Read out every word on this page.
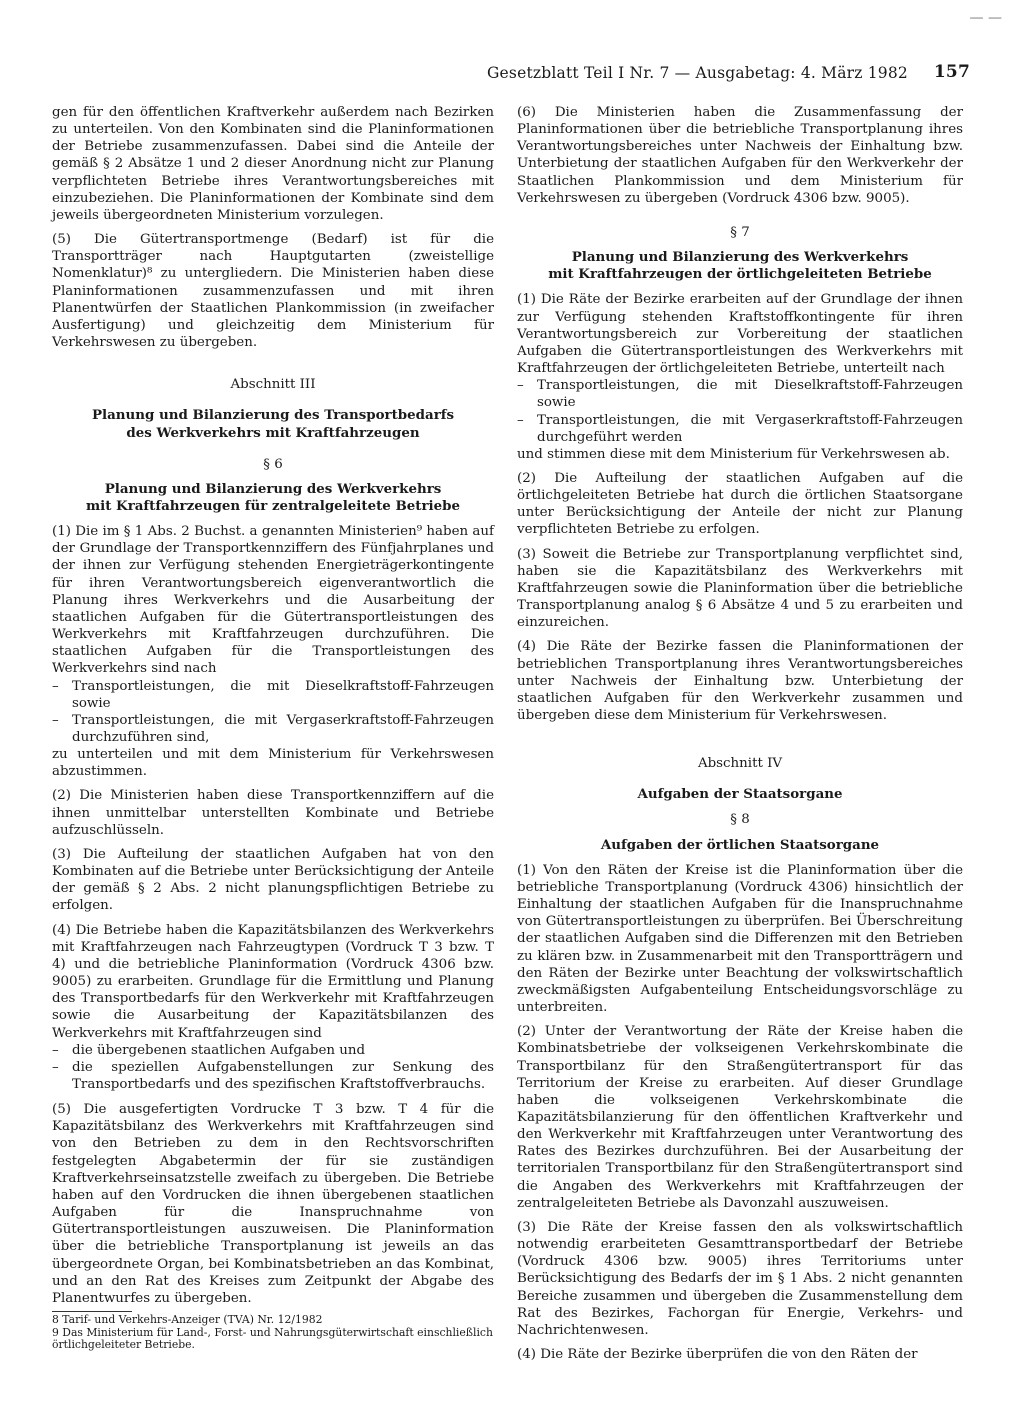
— —
Gesetzblatt Teil I Nr. 7 — Ausgabetag: 4. März 1982 157

gen für den öffentlichen Kraftverkehr außerdem nach Bezirken zu unterteilen. Von den Kombinaten sind die Planinformationen der Betriebe zusammenzufassen. Dabei sind die Anteile der gemäß § 2 Absätze 1 und 2 dieser Anordnung nicht zur Planung verpflichteten Betriebe ihres Verantwortungsbereiches mit einzubeziehen. Die Planinformationen der Kombinate sind dem jeweils übergeordneten Ministerium vorzulegen.

(5) Die Gütertransportmenge (Bedarf) ist für die Transportträger nach Hauptgutarten (zweistellige Nomenklatur)⁸ zu untergliedern. Die Ministerien haben diese Planinformationen zusammenzufassen und mit ihren Planentwürfen der Staatlichen Plankommission (in zweifacher Ausfertigung) und gleichzeitig dem Ministerium für Verkehrswesen zu übergeben.

Abschnitt III

Planung und Bilanzierung des Transportbedarfs

des Werkverkehrs mit Kraftfahrzeugen

§ 6

Planung und Bilanzierung des Werkverkehrs

mit Kraftfahrzeugen für zentralgeleitete Betriebe

(1) Die im § 1 Abs. 2 Buchst. a genannten Ministerien⁹ haben auf der Grundlage der Transportkennziffern des Fünfjahrplanes und der ihnen zur Verfügung stehenden Energieträgerkontingente für ihren Verantwortungsbereich eigenverantwortlich die Planung ihres Werkverkehrs und die Ausarbeitung der staatlichen Aufgaben für die Gütertransportleistungen des Werkverkehrs mit Kraftfahrzeugen durchzuführen. Die staatlichen Aufgaben für die Transportleistungen des Werkverkehrs sind nach

– Transportleistungen, die mit Dieselkraftstoff-Fahrzeugen sowie

– Transportleistungen, die mit Vergaserkraftstoff-Fahrzeugen durchzuführen sind,

zu unterteilen und mit dem Ministerium für Verkehrswesen abzustimmen.

(2) Die Ministerien haben diese Transportkennziffern auf die ihnen unmittelbar unterstellten Kombinate und Betriebe aufzuschlüsseln.

(3) Die Aufteilung der staatlichen Aufgaben hat von den Kombinaten auf die Betriebe unter Berücksichtigung der Anteile der gemäß § 2 Abs. 2 nicht planungspflichtigen Betriebe zu erfolgen.

(4) Die Betriebe haben die Kapazitätsbilanzen des Werkverkehrs mit Kraftfahrzeugen nach Fahrzeugtypen (Vordruck T 3 bzw. T 4) und die betriebliche Planinformation (Vordruck 4306 bzw. 9005) zu erarbeiten. Grundlage für die Ermittlung und Planung des Transportbedarfs für den Werkverkehr mit Kraftfahrzeugen sowie die Ausarbeitung der Kapazitätsbilanzen des Werkverkehrs mit Kraftfahrzeugen sind

– die übergebenen staatlichen Aufgaben und

– die speziellen Aufgabenstellungen zur Senkung des Transportbedarfs und des spezifischen Kraftstoffverbrauchs.

(5) Die ausgefertigten Vordrucke T 3 bzw. T 4 für die Kapazitätsbilanz des Werkverkehrs mit Kraftfahrzeugen sind von den Betrieben zu dem in den Rechtsvorschriften festgelegten Abgabetermin der für sie zuständigen Kraftverkehrseinsatzstelle zweifach zu übergeben. Die Betriebe haben auf den Vordrucken die ihnen übergebenen staatlichen Aufgaben für die Inanspruchnahme von Gütertransportleistungen auszuweisen. Die Planinformation über die betriebliche Transportplanung ist jeweils an das übergeordnete Organ, bei Kombinatsbetrieben an das Kombinat, und an den Rat des Kreises zum Zeitpunkt der Abgabe des Planentwurfes zu übergeben.

8 Tarif- und Verkehrs-Anzeiger (TVA) Nr. 12/1982

9 Das Ministerium für Land-, Forst- und Nahrungsgüterwirtschaft einschließlich örtlichgeleiteter Betriebe.

(6) Die Ministerien haben die Zusammenfassung der Planinformationen über die betriebliche Transportplanung ihres Verantwortungsbereiches unter Nachweis der Einhaltung bzw. Unterbietung der staatlichen Aufgaben für den Werkverkehr der Staatlichen Plankommission und dem Ministerium für Verkehrswesen zu übergeben (Vordruck 4306 bzw. 9005).

§ 7

Planung und Bilanzierung des Werkverkehrs

mit Kraftfahrzeugen der örtlichgeleiteten Betriebe

(1) Die Räte der Bezirke erarbeiten auf der Grundlage der ihnen zur Verfügung stehenden Kraftstoffkontingente für ihren Verantwortungsbereich zur Vorbereitung der staatlichen Aufgaben die Gütertransportleistungen des Werkverkehrs mit Kraftfahrzeugen der örtlichgeleiteten Betriebe, unterteilt nach

– Transportleistungen, die mit Dieselkraftstoff-Fahrzeugen sowie

– Transportleistungen, die mit Vergaserkraftstoff-Fahrzeugen durchgeführt werden

und stimmen diese mit dem Ministerium für Verkehrswesen ab.

(2) Die Aufteilung der staatlichen Aufgaben auf die örtlichgeleiteten Betriebe hat durch die örtlichen Staatsorgane unter Berücksichtigung der Anteile der nicht zur Planung verpflichteten Betriebe zu erfolgen.

(3) Soweit die Betriebe zur Transportplanung verpflichtet sind, haben sie die Kapazitätsbilanz des Werkverkehrs mit Kraftfahrzeugen sowie die Planinformation über die betriebliche Transportplanung analog § 6 Absätze 4 und 5 zu erarbeiten und einzureichen.

(4) Die Räte der Bezirke fassen die Planinformationen der betrieblichen Transportplanung ihres Verantwortungsbereiches unter Nachweis der Einhaltung bzw. Unterbietung der staatlichen Aufgaben für den Werkverkehr zusammen und übergeben diese dem Ministerium für Verkehrswesen.

Abschnitt IV

Aufgaben der Staatsorgane

§ 8

Aufgaben der örtlichen Staatsorgane

(1) Von den Räten der Kreise ist die Planinformation über die betriebliche Transportplanung (Vordruck 4306) hinsichtlich der Einhaltung der staatlichen Aufgaben für die Inanspruchnahme von Gütertransportleistungen zu überprüfen. Bei Überschreitung der staatlichen Aufgaben sind die Differenzen mit den Betrieben zu klären bzw. in Zusammenarbeit mit den Transportträgern und den Räten der Bezirke unter Beachtung der volkswirtschaftlich zweckmäßigsten Aufgabenteilung Entscheidungsvorschläge zu unterbreiten.

(2) Unter der Verantwortung der Räte der Kreise haben die Kombinatsbetriebe der volkseigenen Verkehrskombinate die Transportbilanz für den Straßengütertransport für das Territorium der Kreise zu erarbeiten. Auf dieser Grundlage haben die volkseigenen Verkehrskombinate die Kapazitätsbilanzierung für den öffentlichen Kraftverkehr und den Werkverkehr mit Kraftfahrzeugen unter Verantwortung des Rates des Bezirkes durchzuführen. Bei der Ausarbeitung der territorialen Transportbilanz für den Straßengütertransport sind die Angaben des Werkverkehrs mit Kraftfahrzeugen der zentralgeleiteten Betriebe als Davonzahl auszuweisen.

(3) Die Räte der Kreise fassen den als volkswirtschaftlich notwendig erarbeiteten Gesamttransportbedarf der Betriebe (Vordruck 4306 bzw. 9005) ihres Territoriums unter Berücksichtigung des Bedarfs der im § 1 Abs. 2 nicht genannten Bereiche zusammen und übergeben die Zusammenstellung dem Rat des Bezirkes, Fachorgan für Energie, Verkehrs- und Nachrichtenwesen.

(4) Die Räte der Bezirke überprüfen die von den Räten der
